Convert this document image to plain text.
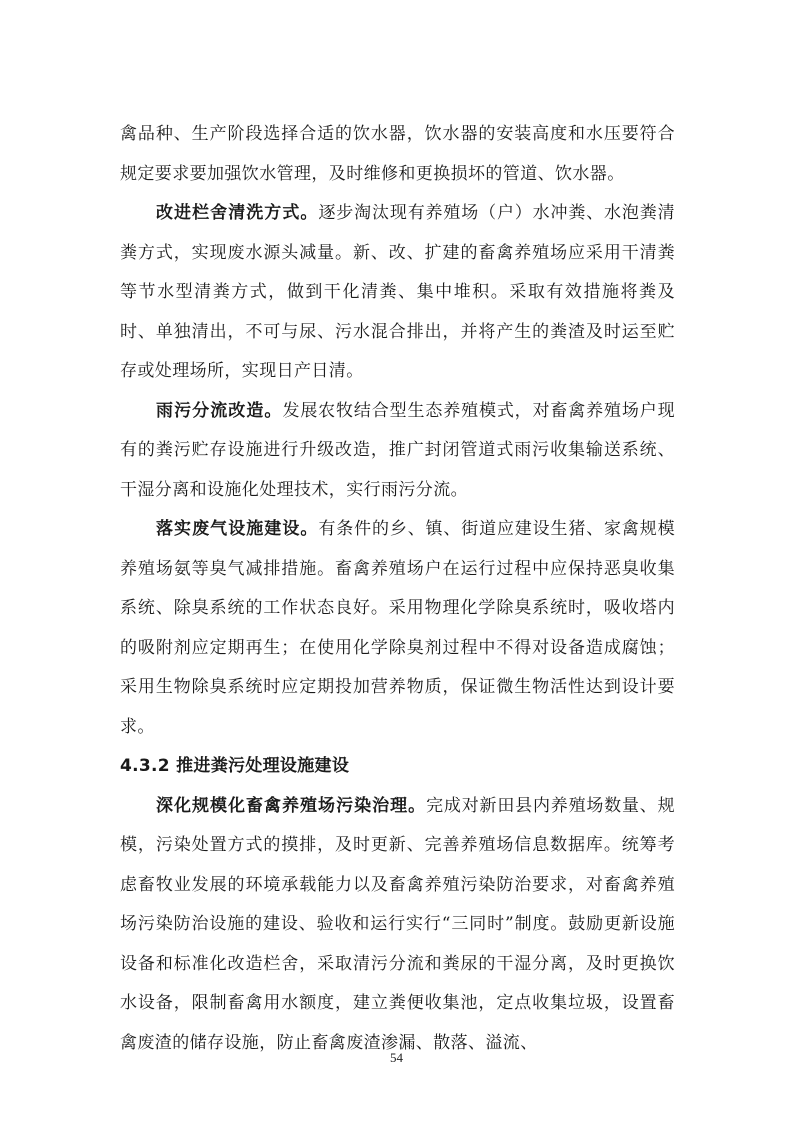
禽品种、生产阶段选择合适的饮水器，饮水器的安装高度和水压要符合规定要求要加强饮水管理，及时维修和更换损坏的管道、饮水器。

改进栏舍清洗方式。逐步淘汰现有养殖场（户）水冲粪、水泡粪清粪方式，实现废水源头减量。新、改、扩建的畜禽养殖场应采用干清粪等节水型清粪方式，做到干化清粪、集中堆积。采取有效措施将粪及时、单独清出，不可与尿、污水混合排出，并将产生的粪渣及时运至贮存或处理场所，实现日产日清。

雨污分流改造。发展农牧结合型生态养殖模式，对畜禽养殖场户现有的粪污贮存设施进行升级改造，推广封闭管道式雨污收集输送系统、干湿分离和设施化处理技术，实行雨污分流。

落实废气设施建设。有条件的乡、镇、街道应建设生猪、家禽规模养殖场氨等臭气减排措施。畜禽养殖场户在运行过程中应保持恶臭收集系统、除臭系统的工作状态良好。采用物理化学除臭系统时，吸收塔内的吸附剂应定期再生；在使用化学除臭剂过程中不得对设备造成腐蚀；采用生物除臭系统时应定期投加营养物质，保证微生物活性达到设计要求。

4.3.2 推进粪污处理设施建设

深化规模化畜禽养殖场污染治理。完成对新田县内养殖场数量、规模，污染处置方式的摸排，及时更新、完善养殖场信息数据库。统筹考虑畜牧业发展的环境承载能力以及畜禽养殖污染防治要求，对畜禽养殖场污染防治设施的建设、验收和运行实行“三同时”制度。鼓励更新设施设备和标准化改造栏舍，采取清污分流和粪尿的干湿分离，及时更换饮水设备，限制畜禽用水额度，建立粪便收集池，定点收集垃圾，设置畜禽废渣的储存设施，防止畜禽废渣渗漏、散落、溢流、

54
